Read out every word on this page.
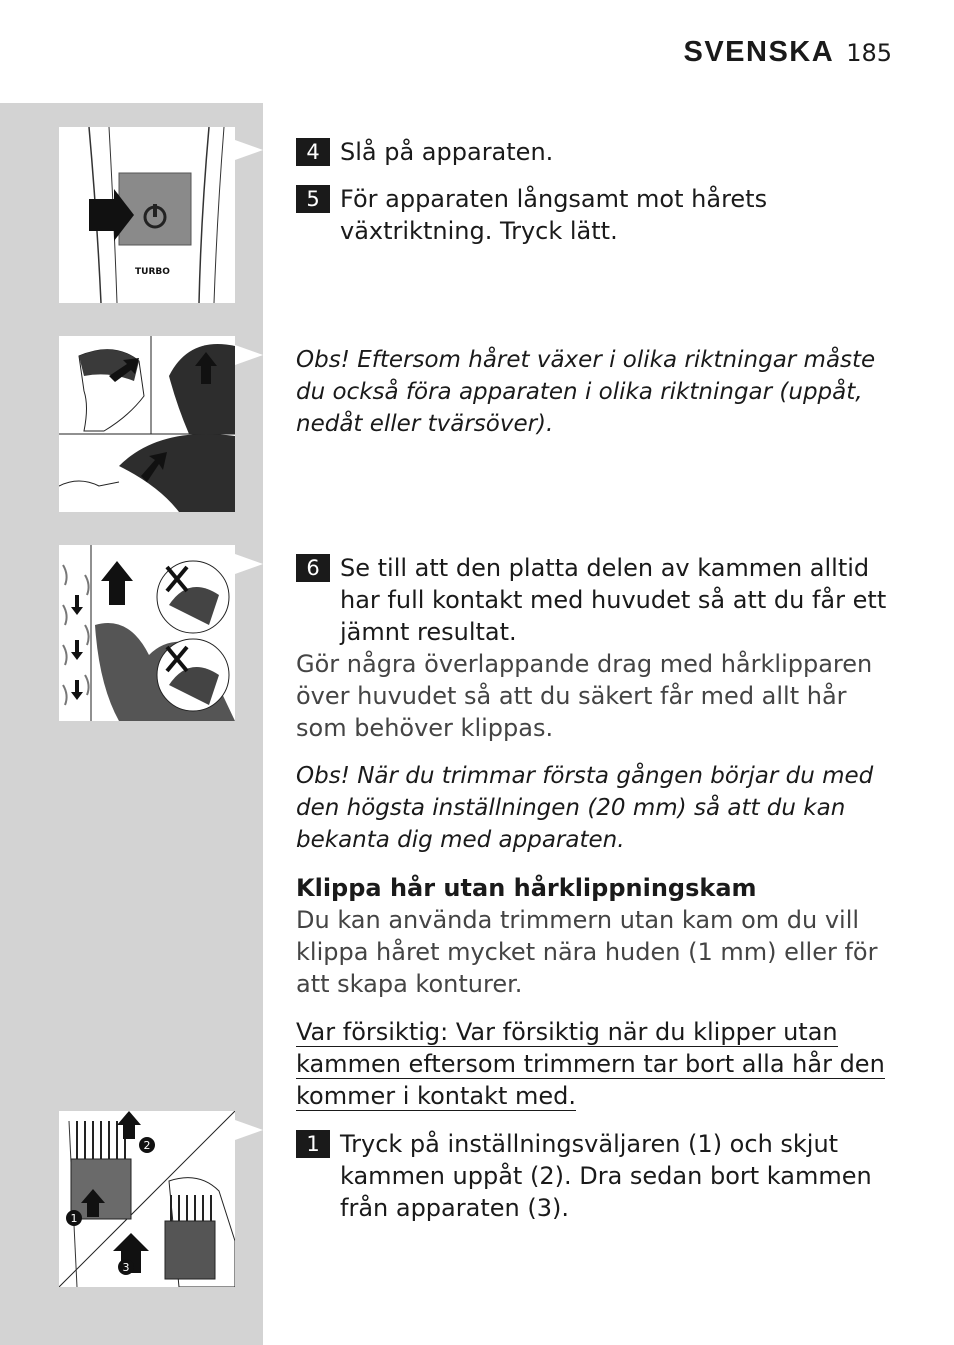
SVENSKA 185
TURBO
1
2
3
4 Slå på apparaten.
5 För apparaten långsamt mot hårets växtriktning. Tryck lätt.
Obs! Eftersom håret växer i olika riktningar måste du också föra apparaten i olika riktningar (uppåt, nedåt eller tvärsöver).
6 Se till att den platta delen av kammen alltid har full kontakt med huvudet så att du får ett jämnt resultat.
Gör några överlappande drag med hårklipparen över huvudet så att du säkert får med allt hår som behöver klippas.
Obs! När du trimmar första gången börjar du med den högsta inställningen (20 mm) så att du kan bekanta dig med apparaten.
Klippa hår utan hårklippningskam
Du kan använda trimmern utan kam om du vill klippa håret mycket nära huden (1 mm) eller för att skapa konturer.
Var försiktig: Var försiktig när du klipper utan
kammen eftersom trimmern tar bort alla hår den
kommer i kontakt med.
1 Tryck på inställningsväljaren (1) och skjut kammen uppåt (2). Dra sedan bort kammen från apparaten (3).
